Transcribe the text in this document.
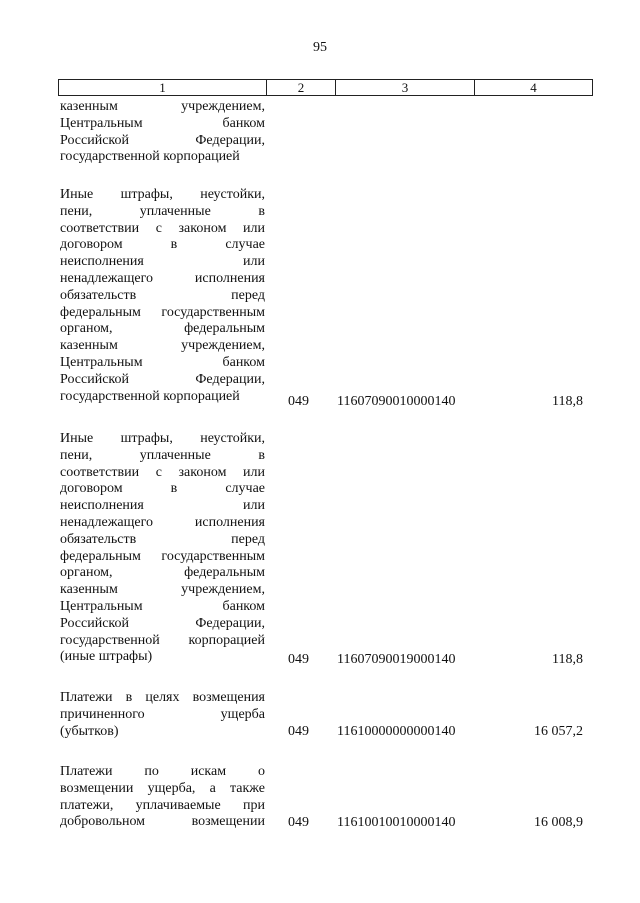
95
1	2	3	4
казенным учреждением,
Центральным банком
Российской Федерации,
государственной корпорацией
Иные штрафы, неустойки,
пени, уплаченные в
соответствии с законом или
договором в случае
неисполнения или
ненадлежащего исполнения
обязательств перед
федеральным государственным
органом, федеральным
казенным учреждением,
Центральным банком
Российской Федерации,
государственной корпорацией	049	11607090010000140	118,8
Иные штрафы, неустойки,
пени, уплаченные в
соответствии с законом или
договором в случае
неисполнения или
ненадлежащего исполнения
обязательств перед
федеральным государственным
органом, федеральным
казенным учреждением,
Центральным банком
Российской Федерации,
государственной корпорацией
(иные штрафы)	049	11607090019000140	118,8
Платежи в целях возмещения
причиненного ущерба
(убытков)	049	11610000000000140	16 057,2
Платежи по искам о
возмещении ущерба, а также
платежи, уплачиваемые при
добровольном возмещении 049	11610010010000140	16 008,9
